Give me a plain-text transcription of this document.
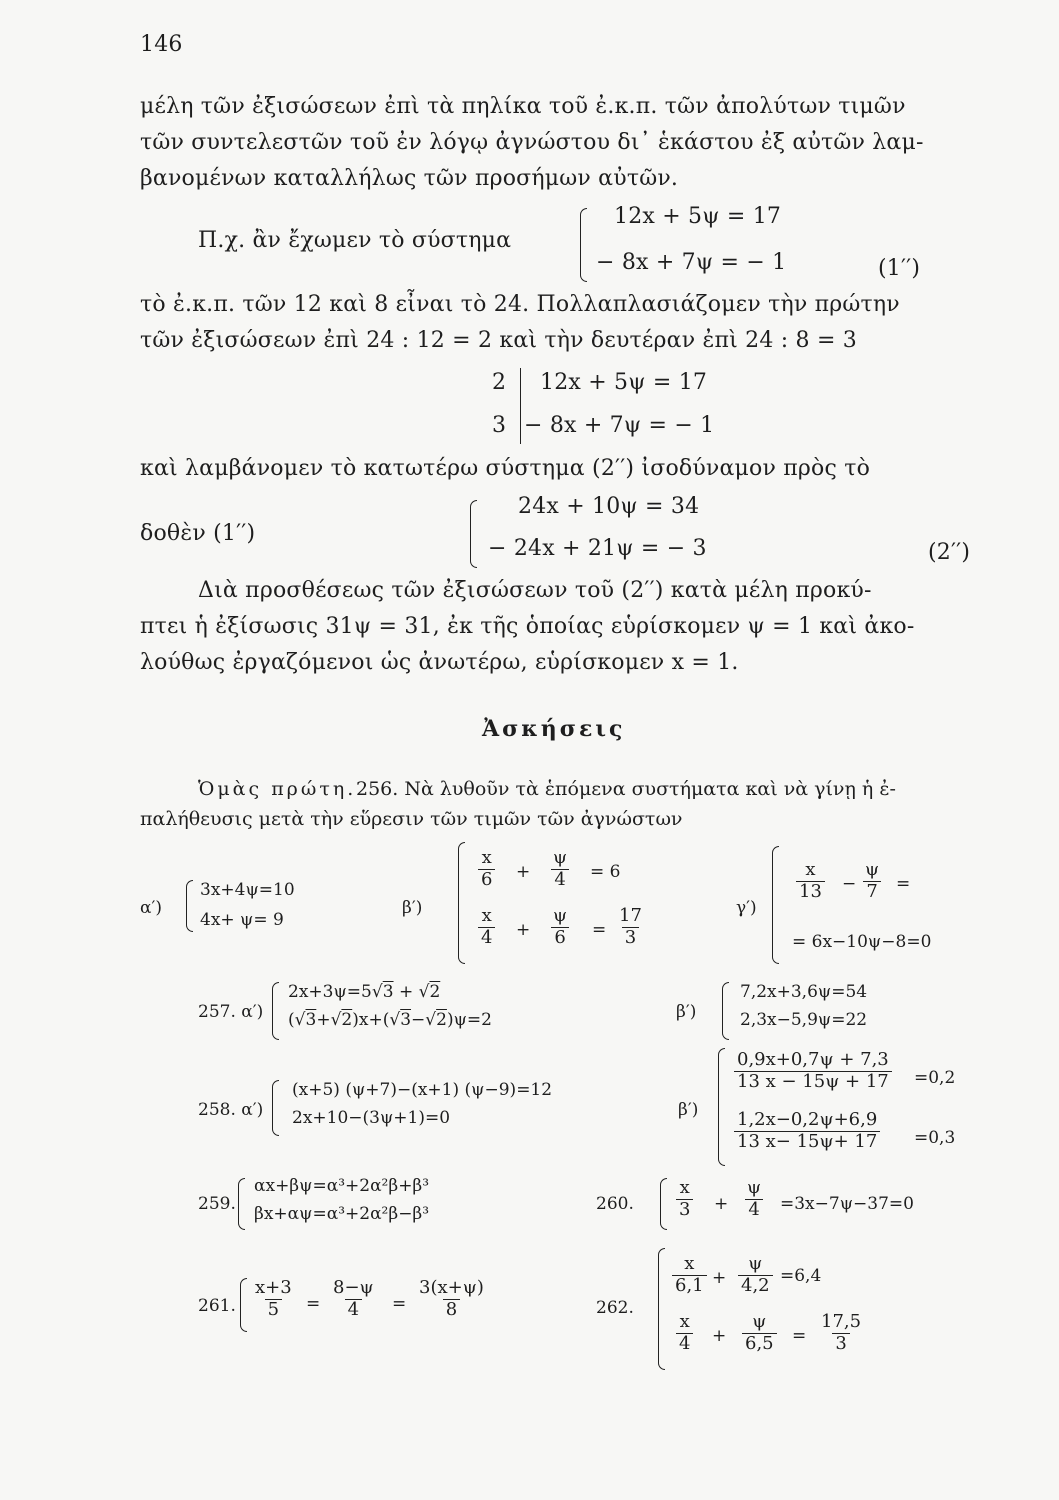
146
μέλη τῶν ἐξισώσεων ἐπὶ τὰ πηλίκα τοῦ ἐ.κ.π. τῶν ἀπολύτων τιμῶν
τῶν συντελεστῶν τοῦ ἐν λόγῳ ἀγνώστου δι᾽ ἑκάστου ἐξ αὐτῶν λαμ-
βανομένων καταλλήλως τῶν προσήμων αὐτῶν.
Π.χ. ἂν ἔχωμεν τὸ σύστημα
12x + 5ψ = 17
− 8x + 7ψ = − 1	(1′′)
τὸ ἐ.κ.π. τῶν 12 καὶ 8 εἶναι τὸ 24. Πολλαπλασιάζομεν τὴν πρώτην
τῶν ἐξισώσεων ἐπὶ 24 : 12 = 2 καὶ τὴν δευτέραν ἐπὶ 24 : 8 = 3
2
3
12x + 5ψ = 17
− 8x + 7ψ = − 1
καὶ λαμβάνομεν τὸ κατωτέρω σύστημα (2′′) ἰσοδύναμον πρὸς τὸ
δοθὲν (1′′)
24x + 10ψ = 34
− 24x + 21ψ = − 3	(2′′)
Διὰ προσθέσεως τῶν ἐξισώσεων τοῦ (2′′) κατὰ μέλη προκύ-
πτει ἡ ἐξίσωσις 31ψ = 31, ἐκ τῆς ὁποίας εὑρίσκομεν ψ = 1 καὶ ἀκο-
λούθως ἐργαζόμενοι ὡς ἀνωτέρω, εὑρίσκομεν x = 1.
Ἀσκήσεις
Ὁμὰς πρώτη. 256. Νὰ λυθοῦν τὰ ἑπόμενα συστήματα καὶ νὰ γίνῃ ἡ ἐ-
παλήθευσις μετὰ τὴν εὕρεσιν τῶν τιμῶν τῶν ἀγνώστων
α′)
3x+4ψ=10
4x+ ψ= 9
β′)
$\frac{x}{6} + \frac{\psi}{4} = 6$
$\frac{x}{4} + \frac{\psi}{6} = \frac{17}{3}$	γ′)
$\frac{x}{13} - \frac{\psi}{7}$ =
= 6x−10ψ−8=0
257. α′)
2x+3ψ=5√3 + √2
(√3+√2)x+(√3−√2)ψ=2	β′)
7,2x+3,6ψ=54
2,3x−5,9ψ=22
258. α′)
(x+5) (ψ+7)−(x+1) (ψ−9)=12
2x+10−(3ψ+1)=0	β′)
$\frac{0,9x+0,7\psi + 7,3}{13 x - 15\psi + 17} =0,2$
$\frac{1,2x-0,2\psi+6,9}{13 x- 15\psi+ 17} =0,3$
259.
αx+βψ=α³+2α²β+β³
βx+αψ=α³+2α²β−β³	260. $\frac{x}{3} + \frac{\psi}{4} =3x-7\psi-37=0$
261. $\frac{x+3}{5} = \frac{8-\psi}{4} = \frac{3(x+\psi)}{8}$	262.
$\frac{x}{6,1} + \frac{\psi}{4,2} =6,4$
$\frac{x}{4} + \frac{\psi}{6,5} = \frac{17,5}{3}$
